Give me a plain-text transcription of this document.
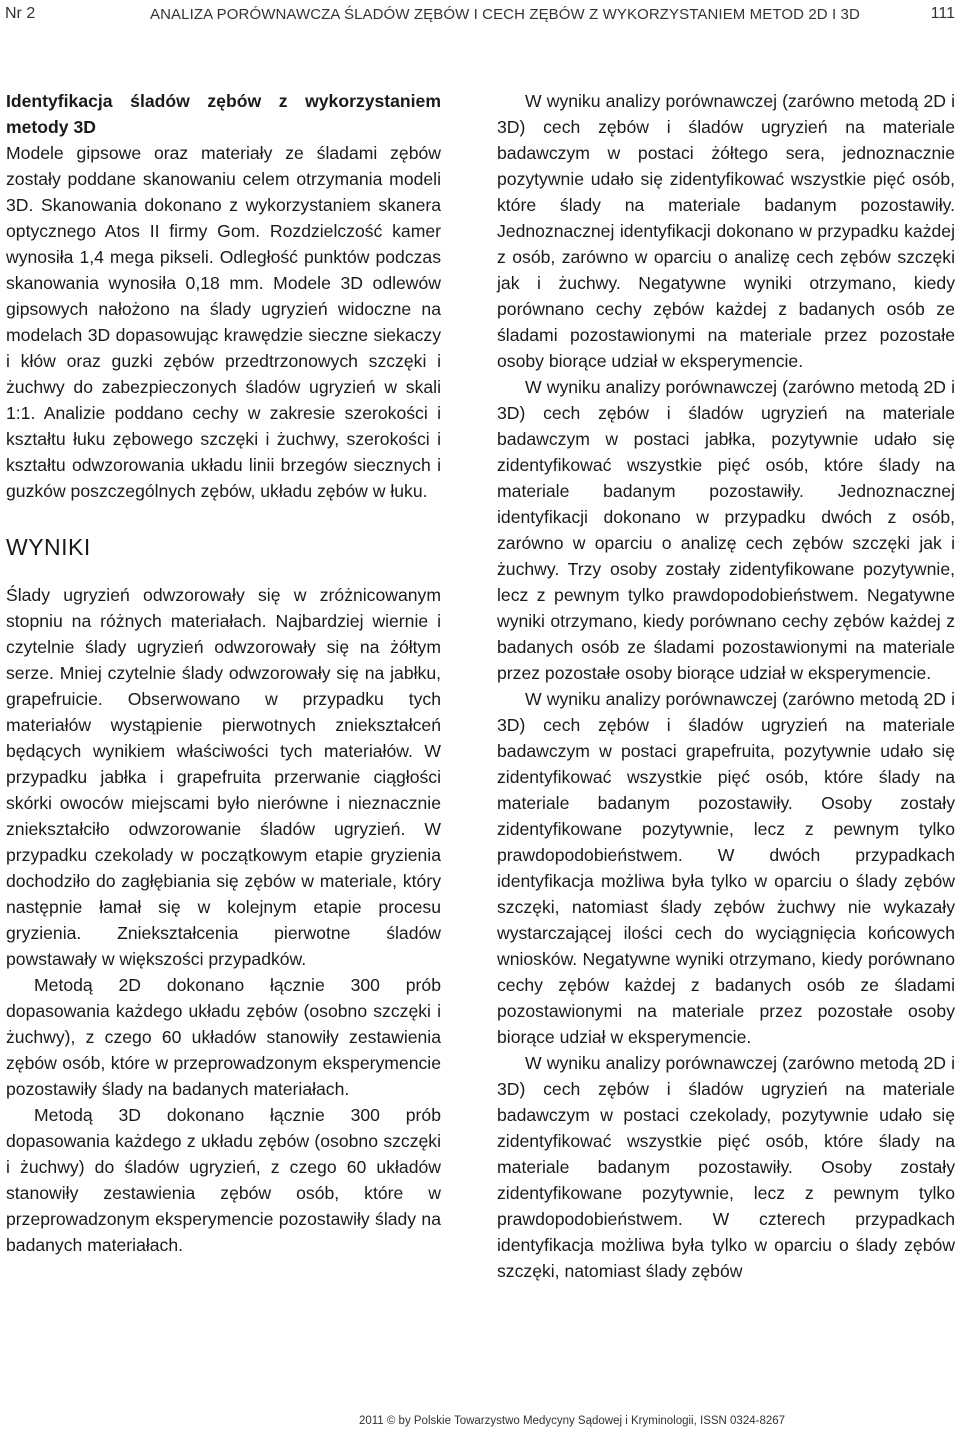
Nr 2	ANALIZA PORÓWNAWCZA ŚLADÓW ZĘBÓW I CECH ZĘBÓW Z WYKORZYSTANIEM METOD 2D I 3D	111
Identyfikacja śladów zębów z wykorzystaniem metody 3D

Modele gipsowe oraz materiały ze śladami zębów zostały poddane skanowaniu celem otrzymania modeli 3D. Skanowania dokonano z wykorzystaniem skanera optycznego Atos II firmy Gom. Rozdzielczość kamer wynosiła 1,4 mega pikseli. Odległość punktów podczas skanowania wynosiła 0,18 mm. Modele 3D odlewów gipsowych nałożono na ślady ugryzień widoczne na modelach 3D dopasowując krawędzie sieczne siekaczy i kłów oraz guzki zębów przedtrzonowych szczęki i żuchwy do zabezpieczonych śladów ugryzień w skali 1:1. Analizie poddano cechy w zakresie szerokości i kształtu łuku zębowego szczęki i żuchwy, szerokości i kształtu odwzorowania układu linii brzegów siecznych i guzków poszczególnych zębów, układu zębów w łuku.

WYNIKI

Ślady ugryzień odwzorowały się w zróżnicowanym stopniu na różnych materiałach. Najbardziej wiernie i czytelnie ślady ugryzień odwzorowały się na żółtym serze. Mniej czytelnie ślady odwzorowały się na jabłku, grapefruicie. Obserwowano w przypadku tych materiałów wystąpienie pierwotnych zniekształceń będących wynikiem właściwości tych materiałów. W przypadku jabłka i grapefruita przerwanie ciągłości skórki owoców miejscami było nierówne i nieznacznie zniekształciło odwzorowanie śladów ugryzień. W przypadku czekolady w początkowym etapie gryzienia dochodziło do zagłębiania się zębów w materiale, który następnie łamał się w kolejnym etapie procesu gryzienia. Zniekształcenia pierwotne śladów powstawały w większości przypadków.

Metodą 2D dokonano łącznie 300 prób dopasowania każdego układu zębów (osobno szczęki i żuchwy), z czego 60 układów stanowiły zestawienia zębów osób, które w przeprowadzonym eksperymencie pozostawiły ślady na badanych materiałach.

Metodą 3D dokonano łącznie 300 prób dopasowania każdego z układu zębów (osobno szczęki i żuchwy) do śladów ugryzień, z czego 60 układów stanowiły zestawienia zębów osób, które w przeprowadzonym eksperymencie pozostawiły ślady na badanych materiałach.

W wyniku analizy porównawczej (zarówno metodą 2D i 3D) cech zębów i śladów ugryzień na materiale badawczym w postaci żółtego sera, jednoznacznie pozytywnie udało się zidentyfikować wszystkie pięć osób, które ślady na materiale badanym pozostawiły. Jednoznacznej identyfikacji dokonano w przypadku każdej z osób, zarówno w oparciu o analizę cech zębów szczęki jak i żuchwy. Negatywne wyniki otrzymano, kiedy porównano cechy zębów każdej z badanych osób ze śladami pozostawionymi na materiale przez pozostałe osoby biorące udział w eksperymencie.

W wyniku analizy porównawczej (zarówno metodą 2D i 3D) cech zębów i śladów ugryzień na materiale badawczym w postaci jabłka, pozytywnie udało się zidentyfikować wszystkie pięć osób, które ślady na materiale badanym pozostawiły. Jednoznacznej identyfikacji dokonano w przypadku dwóch z osób, zarówno w oparciu o analizę cech zębów szczęki jak i żuchwy. Trzy osoby zostały zidentyfikowane pozytywnie, lecz z pewnym tylko prawdopodobieństwem. Negatywne wyniki otrzymano, kiedy porównano cechy zębów każdej z badanych osób ze śladami pozostawionymi na materiale przez pozostałe osoby biorące udział w eksperymencie.

W wyniku analizy porównawczej (zarówno metodą 2D i 3D) cech zębów i śladów ugryzień na materiale badawczym w postaci grapefruita, pozytywnie udało się zidentyfikować wszystkie pięć osób, które ślady na materiale badanym pozostawiły. Osoby zostały zidentyfikowane pozytywnie, lecz z pewnym tylko prawdopodobieństwem. W dwóch przypadkach identyfikacja możliwa była tylko w oparciu o ślady zębów szczęki, natomiast ślady zębów żuchwy nie wykazały wystarczającej ilości cech do wyciągnięcia końcowych wniosków. Negatywne wyniki otrzymano, kiedy porównano cechy zębów każdej z badanych osób ze śladami pozostawionymi na materiale przez pozostałe osoby biorące udział w eksperymencie.

W wyniku analizy porównawczej (zarówno metodą 2D i 3D) cech zębów i śladów ugryzień na materiale badawczym w postaci czekolady, pozytywnie udało się zidentyfikować wszystkie pięć osób, które ślady na materiale badanym pozostawiły. Osoby zostały zidentyfikowane pozytywnie, lecz z pewnym tylko prawdopodobieństwem. W czterech przypadkach identyfikacja możliwa była tylko w oparciu o ślady zębów szczęki, natomiast ślady zębów

2011 © by Polskie Towarzystwo Medycyny Sądowej i Kryminologii, ISSN 0324-8267
